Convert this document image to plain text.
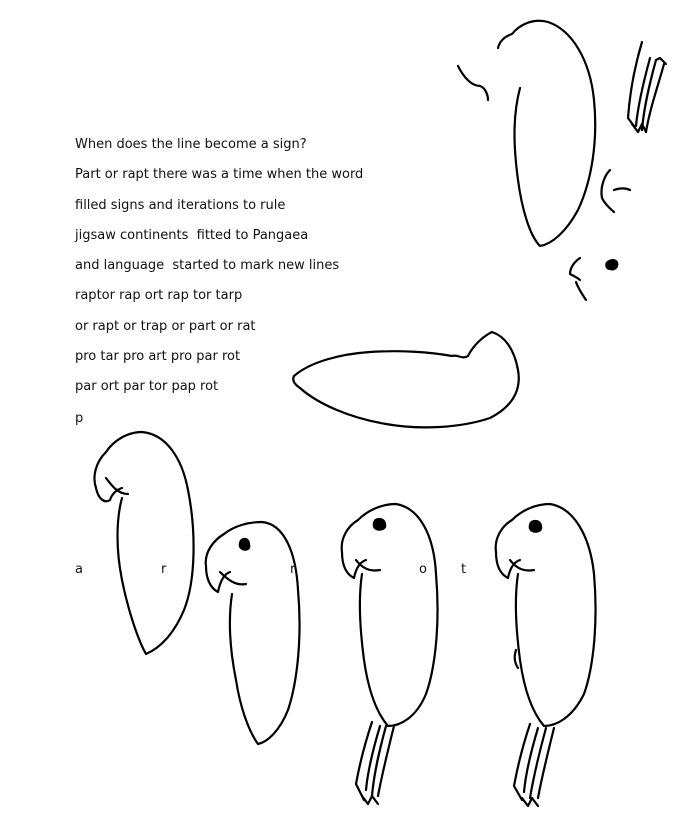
When does the line become a sign?
Part or rapt there was a time when the word
filled signs and iterations to rule
jigsaw continents  fitted to Pangaea
and language  started to mark new lines
raptor rap ort rap tor tarp
or rapt or trap or part or rat
pro tar pro art pro par rot
par ort par tor pap rot
p
a	r	r	o	t
